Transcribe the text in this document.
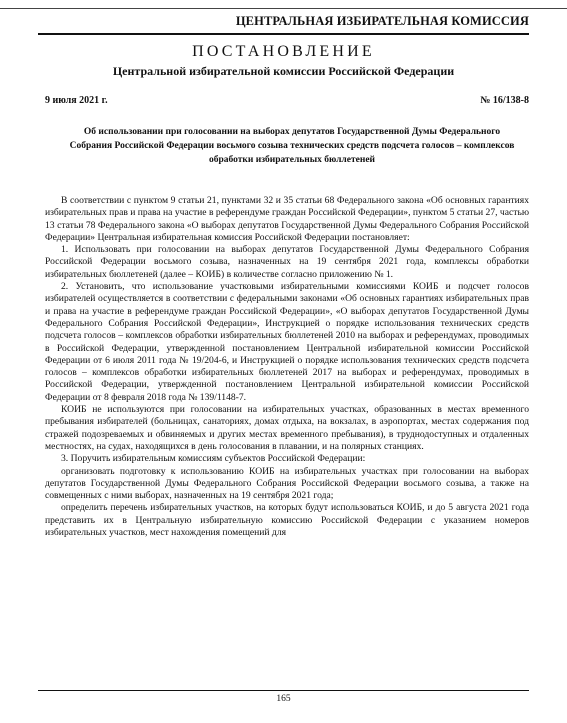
ЦЕНТРАЛЬНАЯ ИЗБИРАТЕЛЬНАЯ КОМИССИЯ
ПОСТАНОВЛЕНИЕ
Центральной избирательной комиссии Российской Федерации
9 июля 2021 г.	№ 16/138-8
Об использовании при голосовании на выборах депутатов Государственной Думы Федерального Собрания Российской Федерации восьмого созыва технических средств подсчета голосов – комплексов обработки избирательных бюллетеней

В соответствии с пунктом 9 статьи 21, пунктами 32 и 35 статьи 68 Федерального закона «Об основных гарантиях избирательных прав и права на участие в референдуме граждан Российской Федерации», пунктом 5 статьи 27, частью 13 статьи 78 Федерального закона «О выборах депутатов Государственной Думы Федерального Собрания Российской Федерации» Центральная избирательная комиссия Российской Федерации постановляет:

1. Использовать при голосовании на выборах депутатов Государственной Думы Федерального Собрания Российской Федерации восьмого созыва, назначенных на 19 сентября 2021 года, комплексы обработки избирательных бюллетеней (далее – КОИБ) в количестве согласно приложению № 1.

2. Установить, что использование участковыми избирательными комиссиями КОИБ и подсчет голосов избирателей осуществляется в соответствии с федеральными законами «Об основных гарантиях избирательных прав и права на участие в референдуме граждан Российской Федерации», «О выборах депутатов Государственной Думы Федерального Собрания Российской Федерации», Инструкцией о порядке использования технических средств подсчета голосов – комплексов обработки избирательных бюллетеней 2010 на выборах и референдумах, проводимых в Российской Федерации, утвержденной постановлением Центральной избирательной комиссии Российской Федерации от 6 июля 2011 года № 19/204-6, и Инструкцией о порядке использования технических средств подсчета голосов – комплексов обработки избирательных бюллетеней 2017 на выборах и референдумах, проводимых в Российской Федерации, утвержденной постановлением Центральной избирательной комиссии Российской Федерации от 8 февраля 2018 года № 139/1148-7.

КОИБ не используются при голосовании на избирательных участках, образованных в местах временного пребывания избирателей (больницах, санаториях, домах отдыха, на вокзалах, в аэропортах, местах содержания под стражей подозреваемых и обвиняемых и других местах временного пребывания), в труднодоступных и отдаленных местностях, на судах, находящихся в день голосования в плавании, и на полярных станциях.

3. Поручить избирательным комиссиям субъектов Российской Федерации:

организовать подготовку к использованию КОИБ на избирательных участках при голосовании на выборах депутатов Государственной Думы Федерального Собрания Российской Федерации восьмого созыва, а также на совмещенных с ними выборах, назначенных на 19 сентября 2021 года;

определить перечень избирательных участков, на которых будут использоваться КОИБ, и до 5 августа 2021 года представить их в Центральную избирательную комиссию Российской Федерации с указанием номеров избирательных участков, мест нахождения помещений для

165
